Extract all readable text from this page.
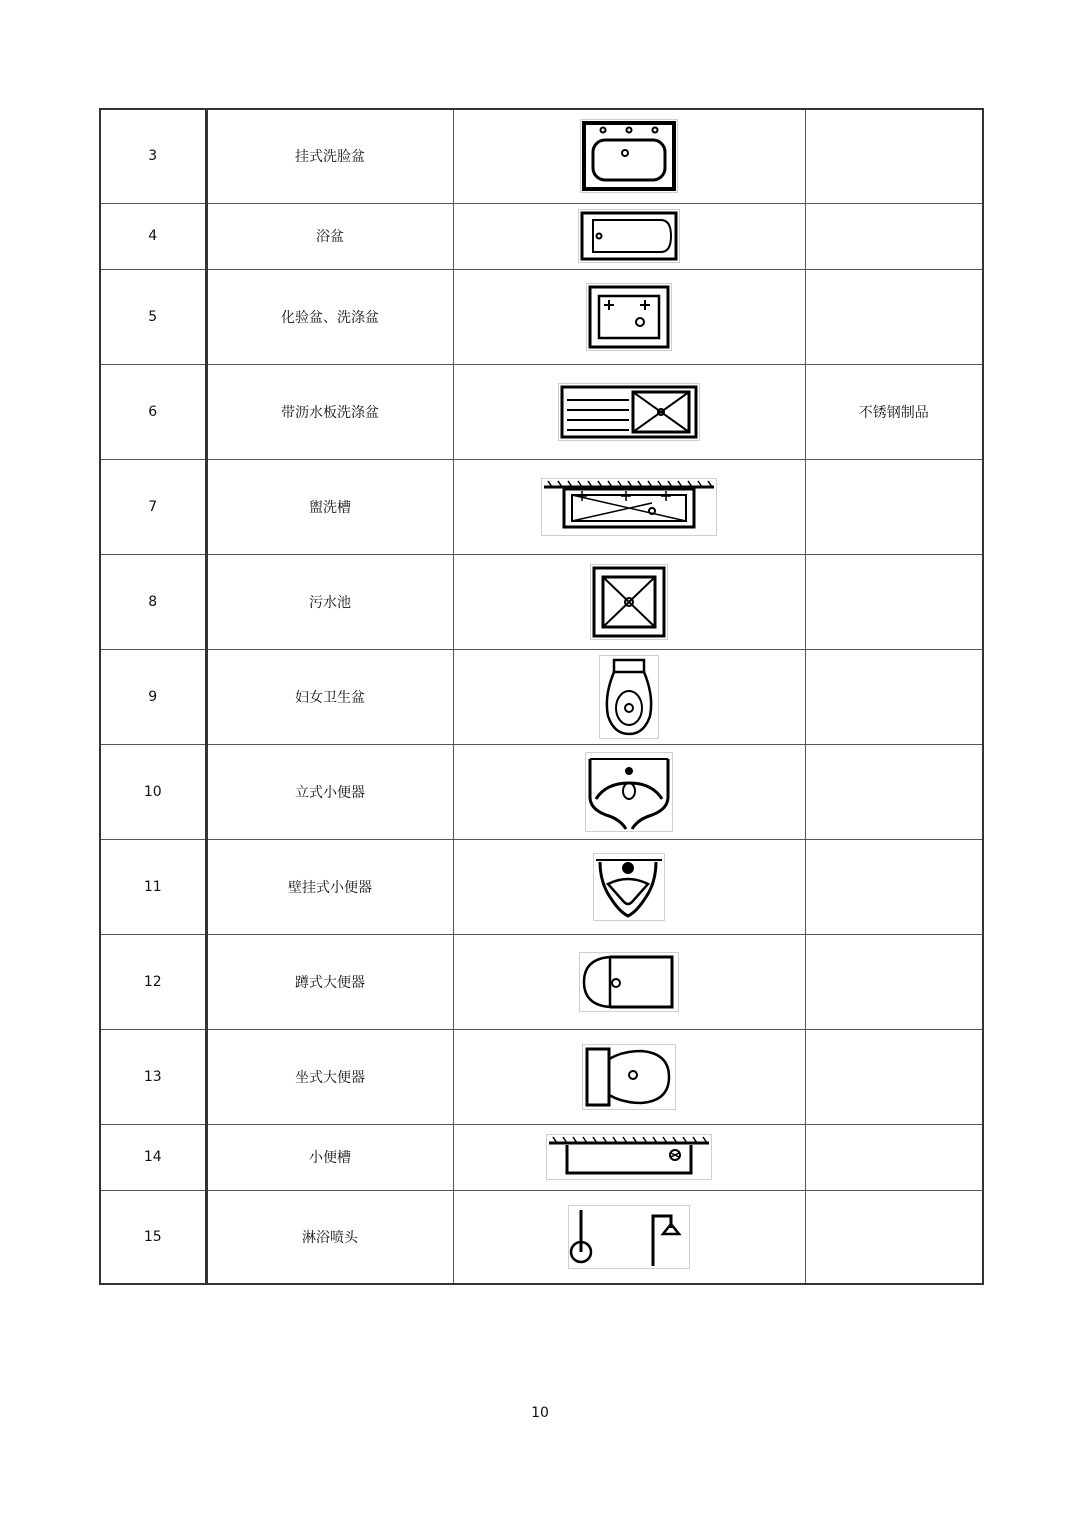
3	挂式洗脸盆	

4	浴盆	

5	化验盆、洗涤盆	

6	带沥水板洗涤盆		不锈钢制品
7	盥洗槽	

8	污水池	

9	妇女卫生盆	

10	立式小便器	

11	壁挂式小便器	

12	蹲式大便器	

13	坐式大便器	

14	小便槽	

15	淋浴喷头	

10
